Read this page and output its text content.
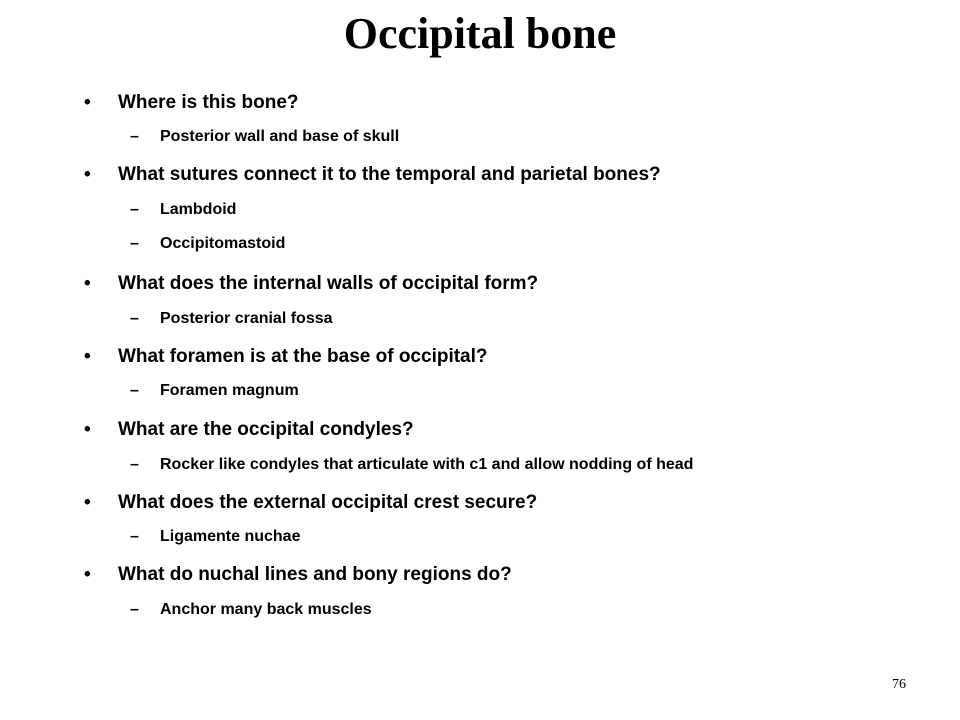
Occipital bone
•	Where is this bone?
– Posterior wall and base of skull
•	What sutures connect it to the temporal and parietal bones?
– Lambdoid
– Occipitomastoid
•	What does the internal walls of occipital form?
– Posterior cranial fossa
•	What foramen is at the base of occipital?
– Foramen magnum
•	What are the occipital condyles?
– Rocker like condyles that articulate with c1 and allow nodding of head
•	What does the external occipital crest secure?
– Ligamente nuchae
•	What do nuchal lines and bony regions do?
– Anchor many back muscles
76
